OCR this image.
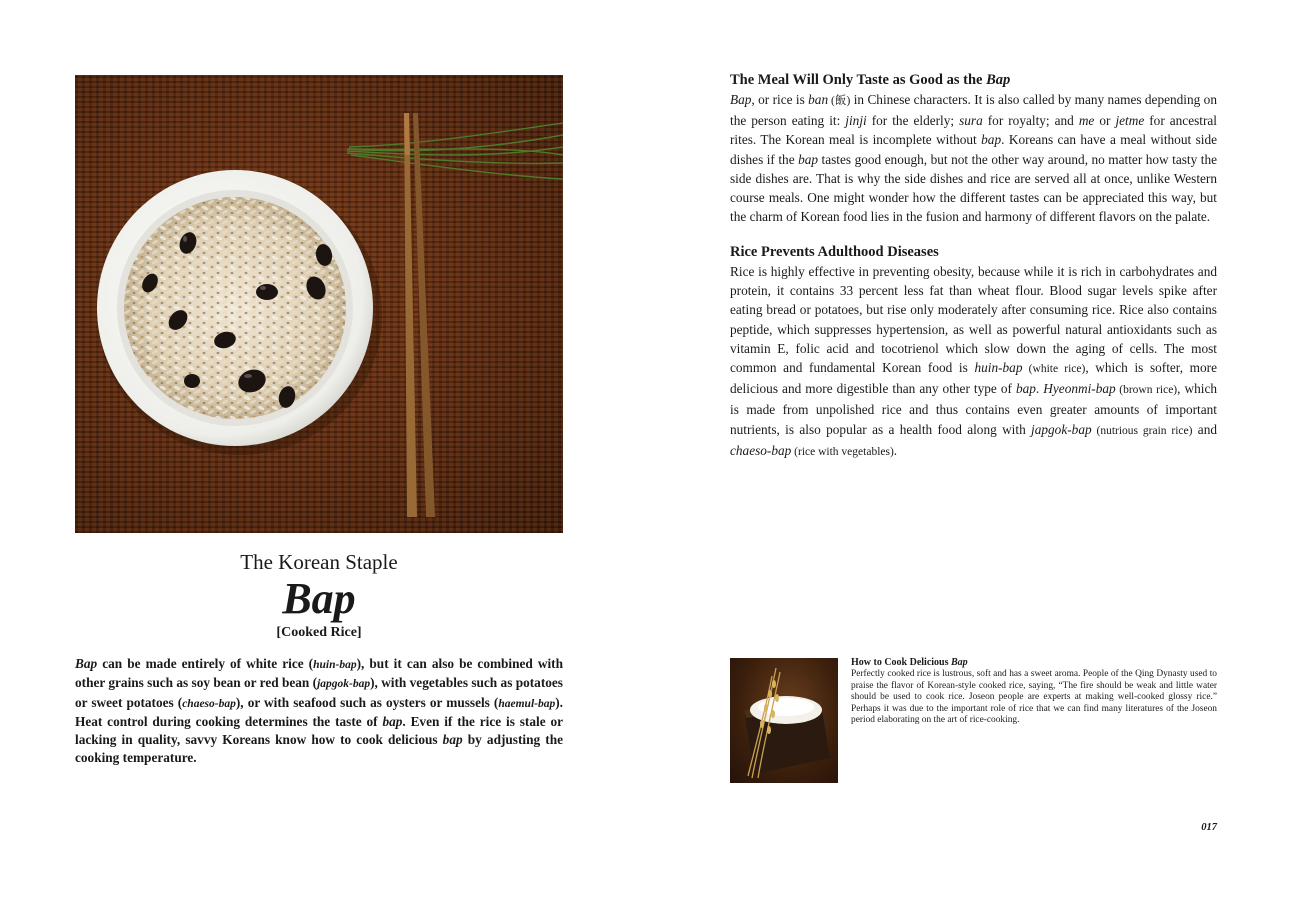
The Korean Staple
Bap
[Cooked Rice]
Bap can be made entirely of white rice (huin-bap), but it can also be combined with other grains such as soy bean or red bean (japgok-bap), with vegetables such as potatoes or sweet potatoes (chaeso-bap), or with seafood such as oysters or mussels (haemul-bap). Heat control during cooking determines the taste of bap. Even if the rice is stale or lacking in quality, savvy Koreans know how to cook delicious bap by adjusting the cooking temperature.
The Meal Will Only Taste as Good as the Bap

Bap, or rice is ban (飯) in Chinese characters. It is also called by many names depending on the person eating it: jinji for the elderly; sura for royalty; and me or jetme for ancestral rites. The Korean meal is incomplete without bap. Koreans can have a meal without side dishes if the bap tastes good enough, but not the other way around, no matter how tasty the side dishes are. That is why the side dishes and rice are served all at once, unlike Western course meals. One might wonder how the different tastes can be appreciated this way, but the charm of Korean food lies in the fusion and harmony of different flavors on the palate.

Rice Prevents Adulthood Diseases

Rice is highly effective in preventing obesity, because while it is rich in carbohydrates and protein, it contains 33 percent less fat than wheat flour. Blood sugar levels spike after eating bread or potatoes, but rise only moderately after consuming rice. Rice also contains peptide, which suppresses hypertension, as well as powerful natural antioxidants such as vitamin E, folic acid and tocotrienol which slow down the aging of cells. The most common and fundamental Korean food is huin-bap (white rice), which is softer, more delicious and more digestible than any other type of bap. Hyeonmi-bap (brown rice), which is made from unpolished rice and thus contains even greater amounts of important nutrients, is also popular as a health food along with japgok-bap (nutrious grain rice) and chaeso-bap (rice with vegetables).

How to Cook Delicious Bap

Perfectly cooked rice is lustrous, soft and has a sweet aroma. People of the Qing Dynasty used to praise the flavor of Korean-style cooked rice, saying, “The fire should be weak and little water should be used to cook rice. Joseon people are experts at making well-cooked glossy rice.” Perhaps it was due to the important role of rice that we can find many literatures of the Joseon period elaborating on the art of rice-cooking.

017
